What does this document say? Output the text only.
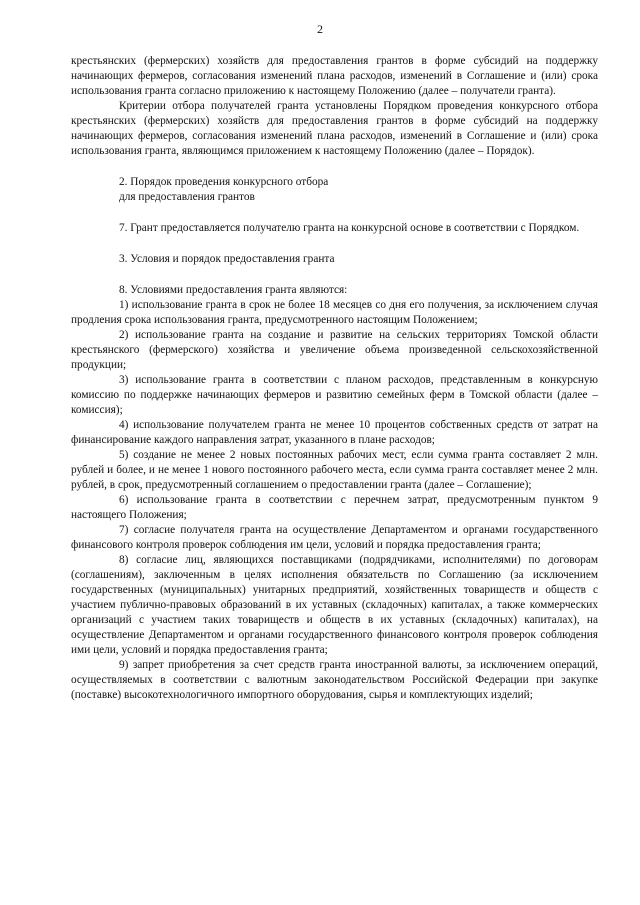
2

крестьянских (фермерских) хозяйств для предоставления грантов в форме субсидий на поддержку начинающих фермеров, согласования изменений плана расходов, изменений в Соглашение и (или) срока использования гранта согласно приложению к настоящему Положению (далее – получатели гранта).

Критерии отбора получателей гранта установлены Порядком проведения конкурсного отбора крестьянских (фермерских) хозяйств для предоставления грантов в форме субсидий на поддержку начинающих фермеров, согласования изменений плана расходов, изменений в Соглашение и (или) срока использования гранта, являющимся приложением к настоящему Положению (далее – Порядок).

2. Порядок проведения конкурсного отбора

для предоставления грантов

7. Грант предоставляется получателю гранта на конкурсной основе в соответствии с Порядком.

3. Условия и порядок предоставления гранта

8. Условиями предоставления гранта являются:

1) использование гранта в срок не более 18 месяцев со дня его получения, за исключением случая продления срока использования гранта, предусмотренного настоящим Положением;

2) использование гранта на создание и развитие на сельских территориях Томской области крестьянского (фермерского) хозяйства и увеличение объема произведенной сельскохозяйственной продукции;

3) использование гранта в соответствии с планом расходов, представленным в конкурсную комиссию по поддержке начинающих фермеров и развитию семейных ферм в Томской области (далее – комиссия);

4) использование получателем гранта не менее 10 процентов собственных средств от затрат на финансирование каждого направления затрат, указанного в плане расходов;

5) создание не менее 2 новых постоянных рабочих мест, если сумма гранта составляет 2 млн. рублей и более, и не менее 1 нового постоянного рабочего места, если сумма гранта составляет менее 2 млн. рублей, в срок, предусмотренный соглашением о предоставлении гранта (далее – Соглашение);

6) использование гранта в соответствии с перечнем затрат, предусмотренным пунктом 9 настоящего Положения;

7) согласие получателя гранта на осуществление Департаментом и органами государственного финансового контроля проверок соблюдения им цели, условий и порядка предоставления гранта;

8) согласие лиц, являющихся поставщиками (подрядчиками, исполнителями) по договорам (соглашениям), заключенным в целях исполнения обязательств по Соглашению (за исключением государственных (муниципальных) унитарных предприятий, хозяйственных товариществ и обществ с участием публично-правовых образований в их уставных (складочных) капиталах, а также коммерческих организаций с участием таких товариществ и обществ в их уставных (складочных) капиталах), на осуществление Департаментом и органами государственного финансового контроля проверок соблюдения ими цели, условий и порядка предоставления гранта;

9) запрет приобретения за счет средств гранта иностранной валюты, за исключением операций, осуществляемых в соответствии с валютным законодательством Российской Федерации при закупке (поставке) высокотехнологичного импортного оборудования, сырья и комплектующих изделий;
